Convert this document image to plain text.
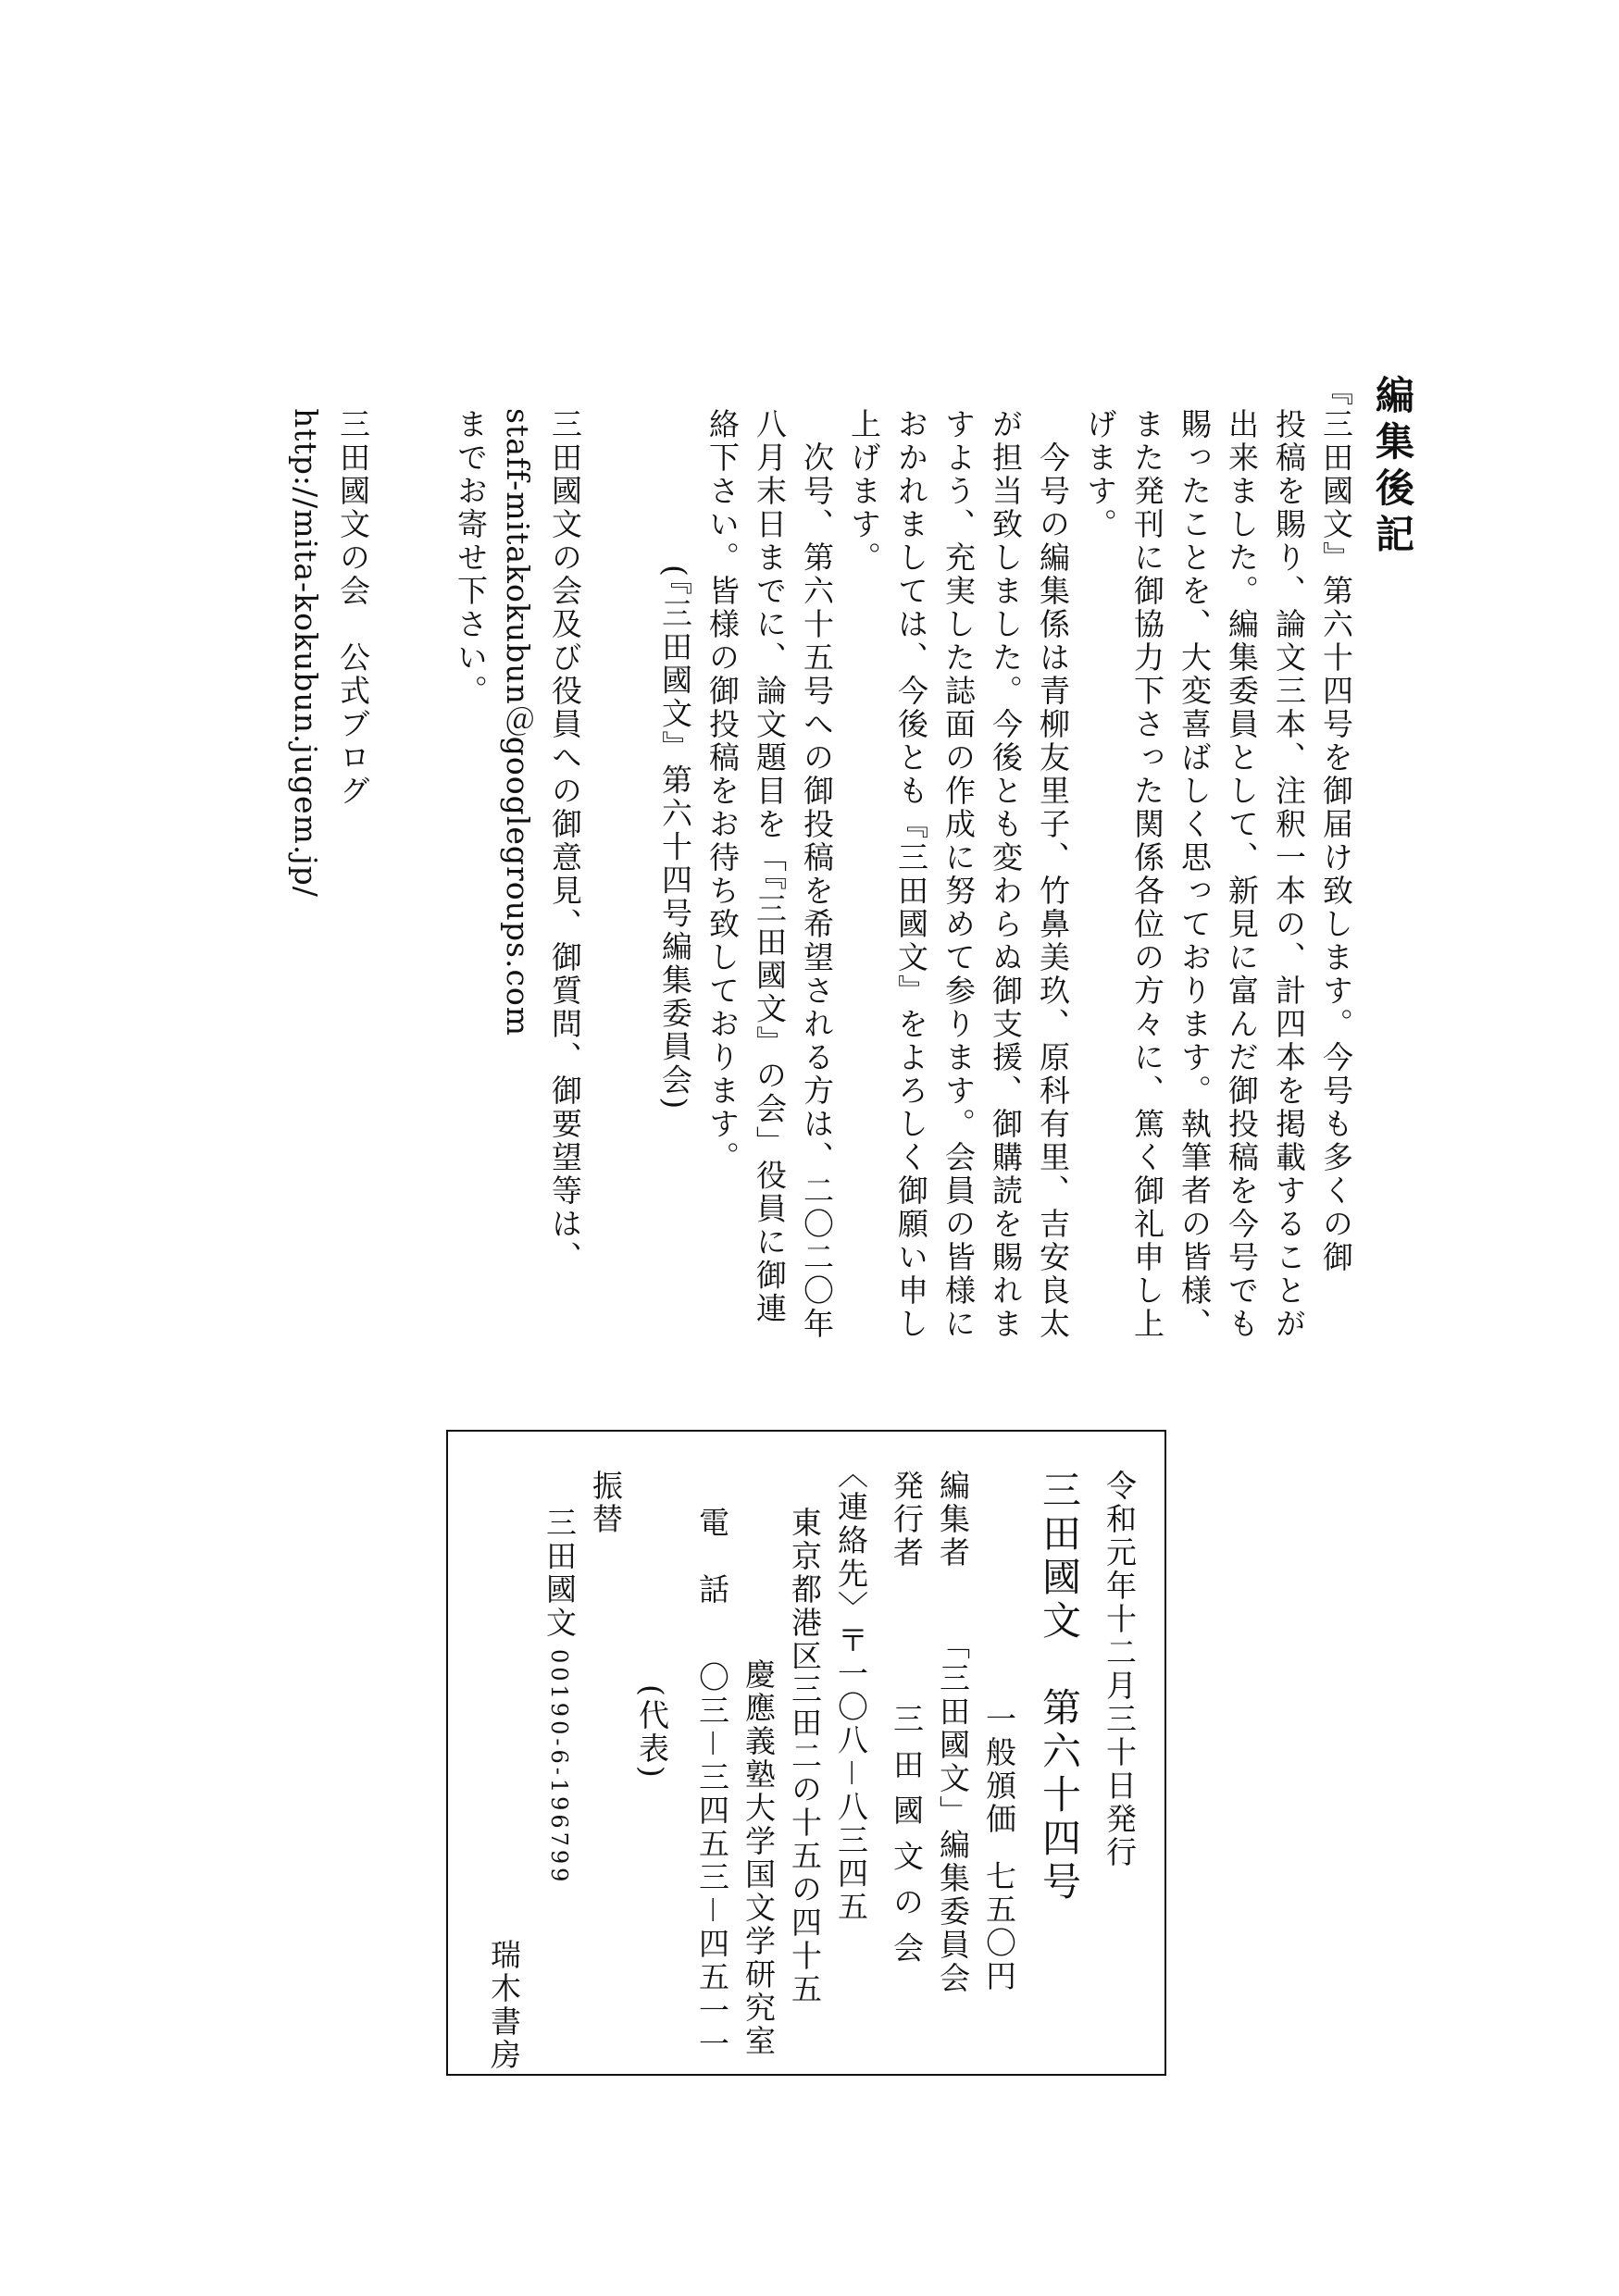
編集後記
『三田國文』第六十四号を御届け致します。今号も多くの御
投稿を賜り、論文三本、注釈一本の、計四本を掲載することが
出来ました。編集委員として、新見に富んだ御投稿を今号でも
賜ったことを、大変喜ばしく思っております。執筆者の皆様、
また発刊に御協力下さった関係各位の方々に、篤く御礼申し上
げます。
今号の編集係は青柳友里子、竹鼻美玖、原科有里、吉安良太
が担当致しました。今後とも変わらぬ御支援、御購読を賜れま
すよう、充実した誌面の作成に努めて参ります。会員の皆様に
おかれましては、今後とも『三田國文』をよろしく御願い申し
上げます。
次号、第六十五号への御投稿を希望される方は、二〇二〇年
八月末日までに、論文題目を「『三田國文』の会」役員に御連
絡下さい。皆様の御投稿をお待ち致しております。
(『三田國文』第六十四号編集委員会)
三田國文の会及び役員への御意見、御質問、御要望等は、
staff-mitakokubun＠googlegroups.com
までお寄せ下さい。
三田國文の会　公式ブログ
http://mita-kokubun.jugem.jp/
令和元年十二月三十日発行
三田國文　第六十四号
一般頒価
七五〇円
編集者
「三田國文」編集委員会
発行者
三 田 國 文 の 会
〈連絡先〉〒一〇八－八三四五
東京都港区三田二の十五の四十五
慶應義塾大学国文学研究室
電　話
〇三－三四五三－四五一一
(代表)
振替
三田國文
00190-6-196799
瑞木書房
